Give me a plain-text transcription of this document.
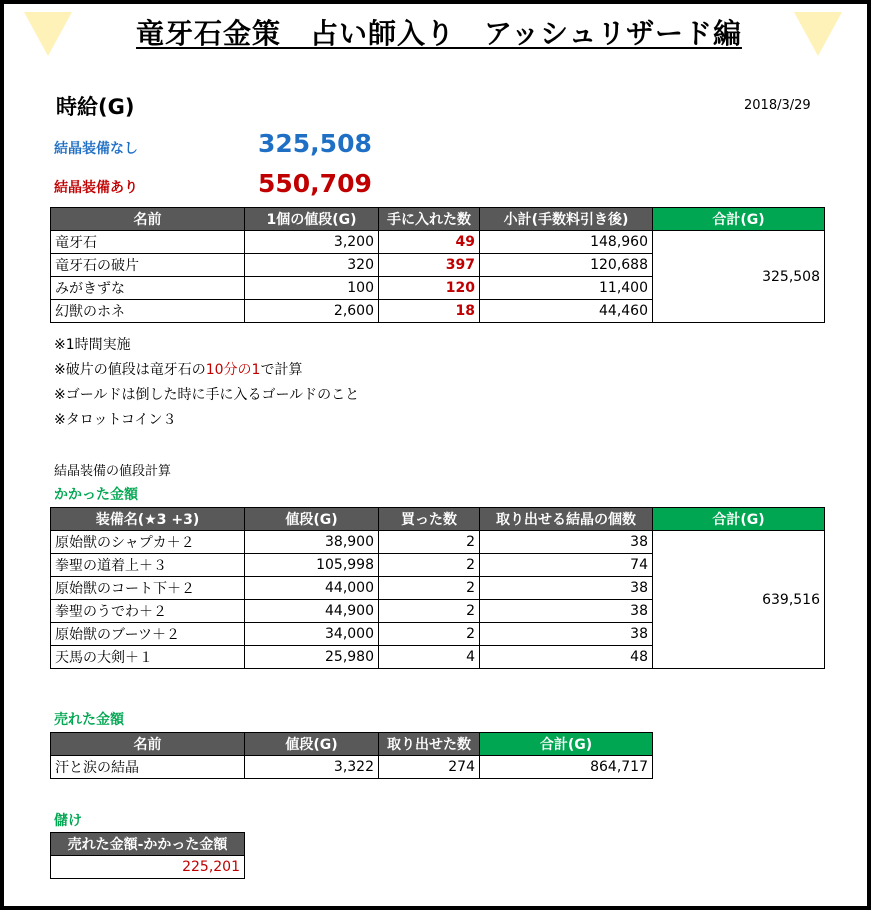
竜牙石金策　占い師入り　アッシュリザード編
時給(G)	2018/3/29
結晶装備なし	325,508
結晶装備あり	550,709
名前	1個の値段(G)	手に入れた数	小計(手数料引き後)	合計(G)
竜牙石	3,200	49	148,960	325,508
竜牙石の破片	320	397	120,688	
みがきずな	100	120	11,400	
幻獣のホネ	2,600	18	44,460	
※1時間実施
※破片の値段は竜牙石の10分の1で計算
※ゴールドは倒した時に手に入るゴールドのこと
※タロットコイン３
結晶装備の値段計算
かかった金額
装備名(★3 +3)	値段(G)	買った数	取り出せる結晶の個数	合計(G)
原始獣のシャプカ＋２	38,900	2	38	639,516
拳聖の道着上＋３	105,998	2	74	
原始獣のコート下＋２	44,000	2	38	
拳聖のうでわ＋２	44,900	2	38	
原始獣のブーツ＋２	34,000	2	38	
天馬の大剣＋１	25,980	4	48	
売れた金額
名前	値段(G)	取り出せた数	合計(G)
汗と涙の結晶	3,322	274	864,717
儲け
売れた金額-かかった金額
225,201
